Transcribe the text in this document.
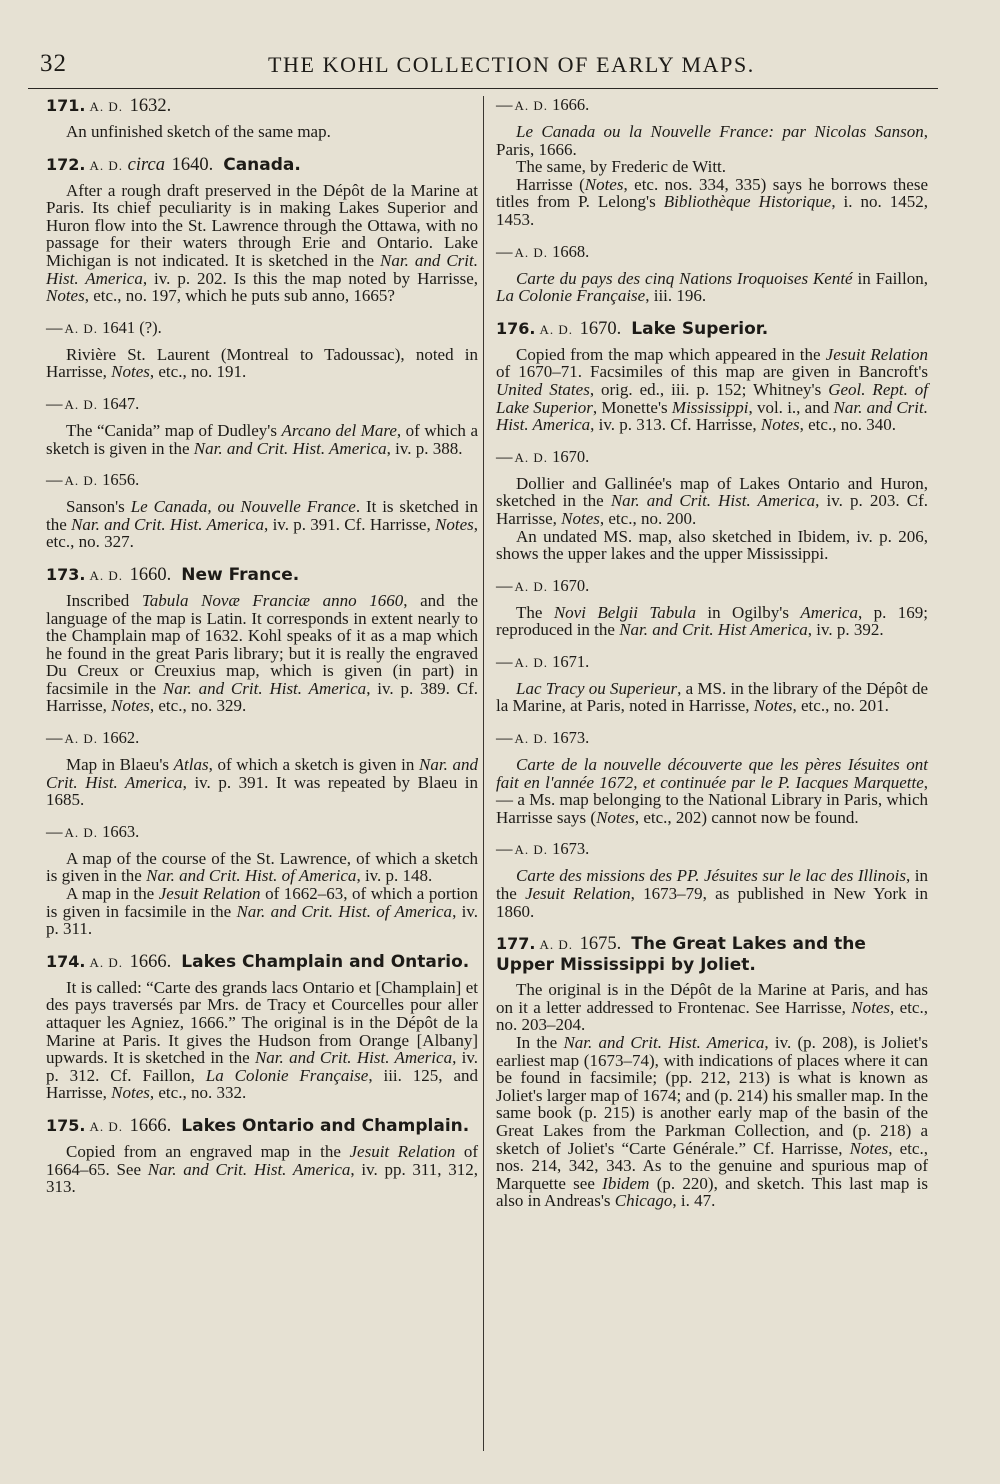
32	THE KOHL COLLECTION OF EARLY MAPS.
171. A. D. 1632.

An unfinished sketch of the same map.

172. A. D. circa 1640. Canada.

After a rough draft preserved in the Dépôt de la Marine at Paris. Its chief peculiarity is in making Lakes Superior and Huron flow into the St. Lawrence through the Ottawa, with no passage for their waters through Erie and Ontario. Lake Michigan is not indicated. It is sketched in the Nar. and Crit. Hist. America, iv. p. 202. Is this the map noted by Harrisse, Notes, etc., no. 197, which he puts sub anno, 1665?

— A. D. 1641 (?).

Rivière St. Laurent (Montreal to Tadoussac), noted in Harrisse, Notes, etc., no. 191.

— A. D. 1647.

The “Canida” map of Dudley's Arcano del Mare, of which a sketch is given in the Nar. and Crit. Hist. America, iv. p. 388.

— A. D. 1656.

Sanson's Le Canada, ou Nouvelle France. It is sketched in the Nar. and Crit. Hist. America, iv. p. 391. Cf. Harrisse, Notes, etc., no. 327.

173. A. D. 1660. New France.

Inscribed Tabula Novæ Franciæ anno 1660, and the language of the map is Latin. It corresponds in extent nearly to the Champlain map of 1632. Kohl speaks of it as a map which he found in the great Paris library; but it is really the engraved Du Creux or Creuxius map, which is given (in part) in facsimile in the Nar. and Crit. Hist. America, iv. p. 389. Cf. Harrisse, Notes, etc., no. 329.

— A. D. 1662.

Map in Blaeu's Atlas, of which a sketch is given in Nar. and Crit. Hist. America, iv. p. 391. It was repeated by Blaeu in 1685.

— A. D. 1663.

A map of the course of the St. Lawrence, of which a sketch is given in the Nar. and Crit. Hist. of America, iv. p. 148.

A map in the Jesuit Relation of 1662–63, of which a portion is given in facsimile in the Nar. and Crit. Hist. of America, iv. p. 311.

174. A. D. 1666. Lakes Champlain and Ontario.

It is called: “Carte des grands lacs Ontario et [Champlain] et des pays traversés par Mrs. de Tracy et Courcelles pour aller attaquer les Agniez, 1666.” The original is in the Dépôt de la Marine at Paris. It gives the Hudson from Orange [Albany] upwards. It is sketched in the Nar. and Crit. Hist. America, iv. p. 312. Cf. Faillon, La Colonie Française, iii. 125, and Harrisse, Notes, etc., no. 332.

175. A. D. 1666. Lakes Ontario and Champlain.

Copied from an engraved map in the Jesuit Relation of 1664–65. See Nar. and Crit. Hist. America, iv. pp. 311, 312, 313.

— A. D. 1666.

Le Canada ou la Nouvelle France: par Nicolas Sanson, Paris, 1666.

The same, by Frederic de Witt.

Harrisse (Notes, etc. nos. 334, 335) says he borrows these titles from P. Lelong's Bibliothèque Historique, i. no. 1452, 1453.

— A. D. 1668.

Carte du pays des cinq Nations Iroquoises Kenté in Faillon, La Colonie Française, iii. 196.

176. A. D. 1670. Lake Superior.

Copied from the map which appeared in the Jesuit Relation of 1670–71. Facsimiles of this map are given in Bancroft's United States, orig. ed., iii. p. 152; Whitney's Geol. Rept. of Lake Superior, Monette's Mississippi, vol. i., and Nar. and Crit. Hist. America, iv. p. 313. Cf. Harrisse, Notes, etc., no. 340.

— A. D. 1670.

Dollier and Gallinée's map of Lakes Ontario and Huron, sketched in the Nar. and Crit. Hist. America, iv. p. 203. Cf. Harrisse, Notes, etc., no. 200.

An undated MS. map, also sketched in Ibidem, iv. p. 206, shows the upper lakes and the upper Mississippi.

— A. D. 1670.

The Novi Belgii Tabula in Ogilby's America, p. 169; reproduced in the Nar. and Crit. Hist America, iv. p. 392.

— A. D. 1671.

Lac Tracy ou Superieur, a MS. in the library of the Dépôt de la Marine, at Paris, noted in Harrisse, Notes, etc., no. 201.

— A. D. 1673.

Carte de la nouvelle découverte que les pères Iésuites ont fait en l'année 1672, et continuée par le P. Iacques Marquette, — a Ms. map belonging to the National Library in Paris, which Harrisse says (Notes, etc., 202) cannot now be found.

— A. D. 1673.

Carte des missions des PP. Jésuites sur le lac des Illinois, in the Jesuit Relation, 1673–79, as published in New York in 1860.

177. A. D. 1675. The Great Lakes and the Upper Mississippi by Joliet.

The original is in the Dépôt de la Marine at Paris, and has on it a letter addressed to Frontenac. See Harrisse, Notes, etc., no. 203–204.

In the Nar. and Crit. Hist. America, iv. (p. 208), is Joliet's earliest map (1673–74), with indications of places where it can be found in facsimile; (pp. 212, 213) is what is known as Joliet's larger map of 1674; and (p. 214) his smaller map. In the same book (p. 215) is another early map of the basin of the Great Lakes from the Parkman Collection, and (p. 218) a sketch of Joliet's “Carte Générale.” Cf. Harrisse, Notes, etc., nos. 214, 342, 343. As to the genuine and spurious map of Marquette see Ibidem (p. 220), and sketch. This last map is also in Andreas's Chicago, i. 47.
